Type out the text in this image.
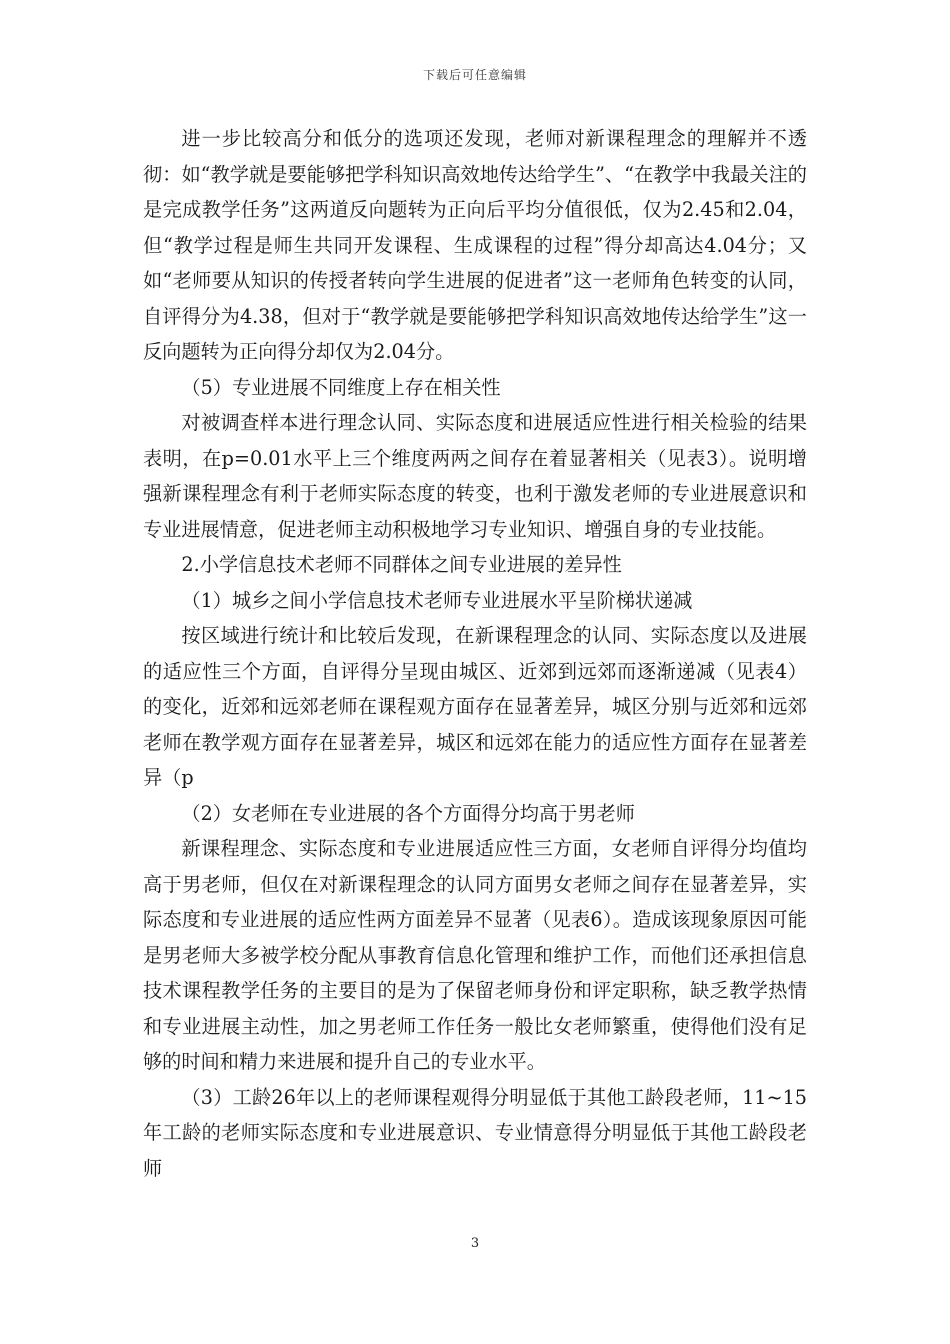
下载后可任意编辑

进一步比较高分和低分的选项还发现，老师对新课程理念的理解并不透彻：如“教学就是要能够把学科知识高效地传达给学生”、“在教学中我最关注的是完成教学任务”这两道反向题转为正向后平均分值很低，仅为2.45和2.04，但“教学过程是师生共同开发课程、生成课程的过程”得分却高达4.04分；又如“老师要从知识的传授者转向学生进展的促进者”这一老师角色转变的认同，自评得分为4.38，但对于“教学就是要能够把学科知识高效地传达给学生”这一反向题转为正向得分却仅为2.04分。

（5）专业进展不同维度上存在相关性

对被调查样本进行理念认同、实际态度和进展适应性进行相关检验的结果表明，在p=0.01水平上三个维度两两之间存在着显著相关（见表3）。说明增强新课程理念有利于老师实际态度的转变，也利于激发老师的专业进展意识和专业进展情意，促进老师主动积极地学习专业知识、增强自身的专业技能。

2.小学信息技术老师不同群体之间专业进展的差异性

（1）城乡之间小学信息技术老师专业进展水平呈阶梯状递减

按区域进行统计和比较后发现，在新课程理念的认同、实际态度以及进展的适应性三个方面，自评得分呈现由城区、近郊到远郊而逐渐递减（见表4）的变化，近郊和远郊老师在课程观方面存在显著差异，城区分别与近郊和远郊老师在教学观方面存在显著差异，城区和远郊在能力的适应性方面存在显著差异（p

（2）女老师在专业进展的各个方面得分均高于男老师

新课程理念、实际态度和专业进展适应性三方面，女老师自评得分均值均高于男老师，但仅在对新课程理念的认同方面男女老师之间存在显著差异，实际态度和专业进展的适应性两方面差异不显著（见表6）。造成该现象原因可能是男老师大多被学校分配从事教育信息化管理和维护工作，而他们还承担信息技术课程教学任务的主要目的是为了保留老师身份和评定职称，缺乏教学热情和专业进展主动性，加之男老师工作任务一般比女老师繁重，使得他们没有足够的时间和精力来进展和提升自己的专业水平。

（3）工龄26年以上的老师课程观得分明显低于其他工龄段老师，11~15年工龄的老师实际态度和专业进展意识、专业情意得分明显低于其他工龄段老师

3
